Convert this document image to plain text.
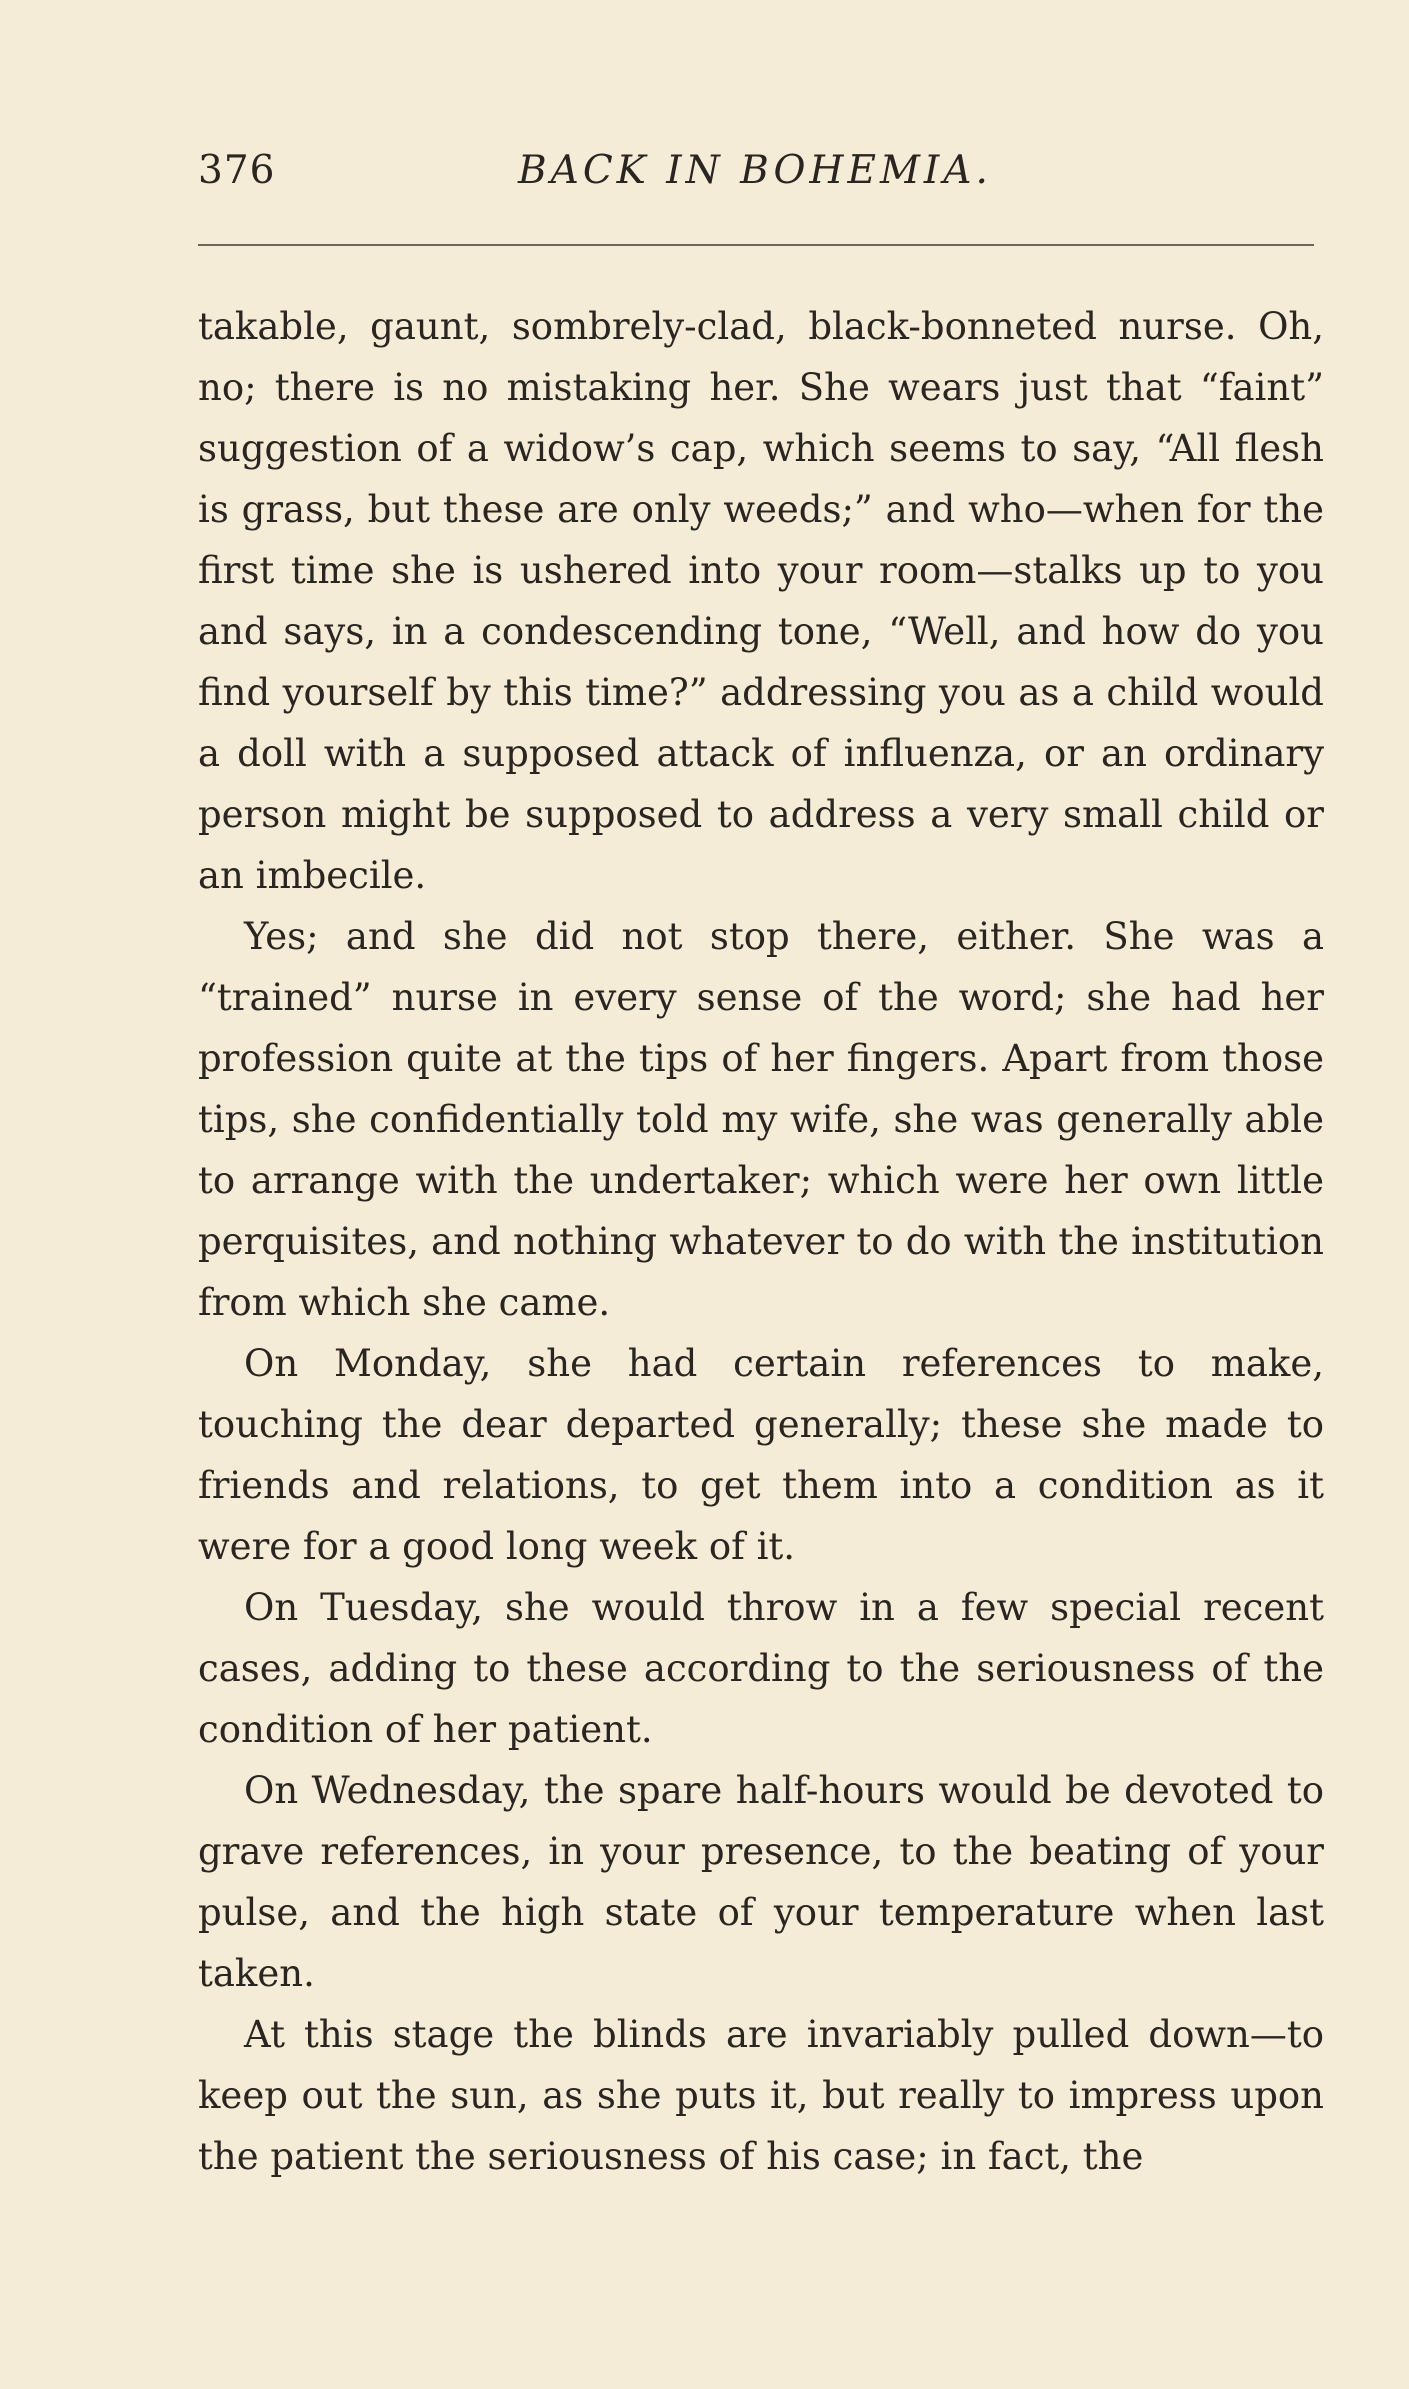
376	BACK IN BOHEMIA.

takable, gaunt, sombrely-clad, black-bonneted nurse. Oh, no; there is no mistaking her. She wears just that “faint” suggestion of a widow’s cap, which seems to say, “All flesh is grass, but these are only weeds;” and who—when for the first time she is ushered into your room—stalks up to you and says, in a condescending tone, “Well, and how do you find yourself by this time?” addressing you as a child would a doll with a supposed attack of influenza, or an ordinary person might be supposed to address a very small child or an imbecile.

Yes; and she did not stop there, either. She was a “trained” nurse in every sense of the word; she had her profession quite at the tips of her fingers. Apart from those tips, she confidentially told my wife, she was generally able to arrange with the undertaker; which were her own little perquisites, and nothing whatever to do with the institution from which she came.

On Monday, she had certain references to make, touching the dear departed generally; these she made to friends and relations, to get them into a condition as it were for a good long week of it.

On Tuesday, she would throw in a few special recent cases, adding to these according to the seriousness of the condition of her patient.

On Wednesday, the spare half-hours would be devoted to grave references, in your presence, to the beating of your pulse, and the high state of your temperature when last taken.

At this stage the blinds are invariably pulled down—to keep out the sun, as she puts it, but really to impress upon the patient the seriousness of his case; in fact, the
